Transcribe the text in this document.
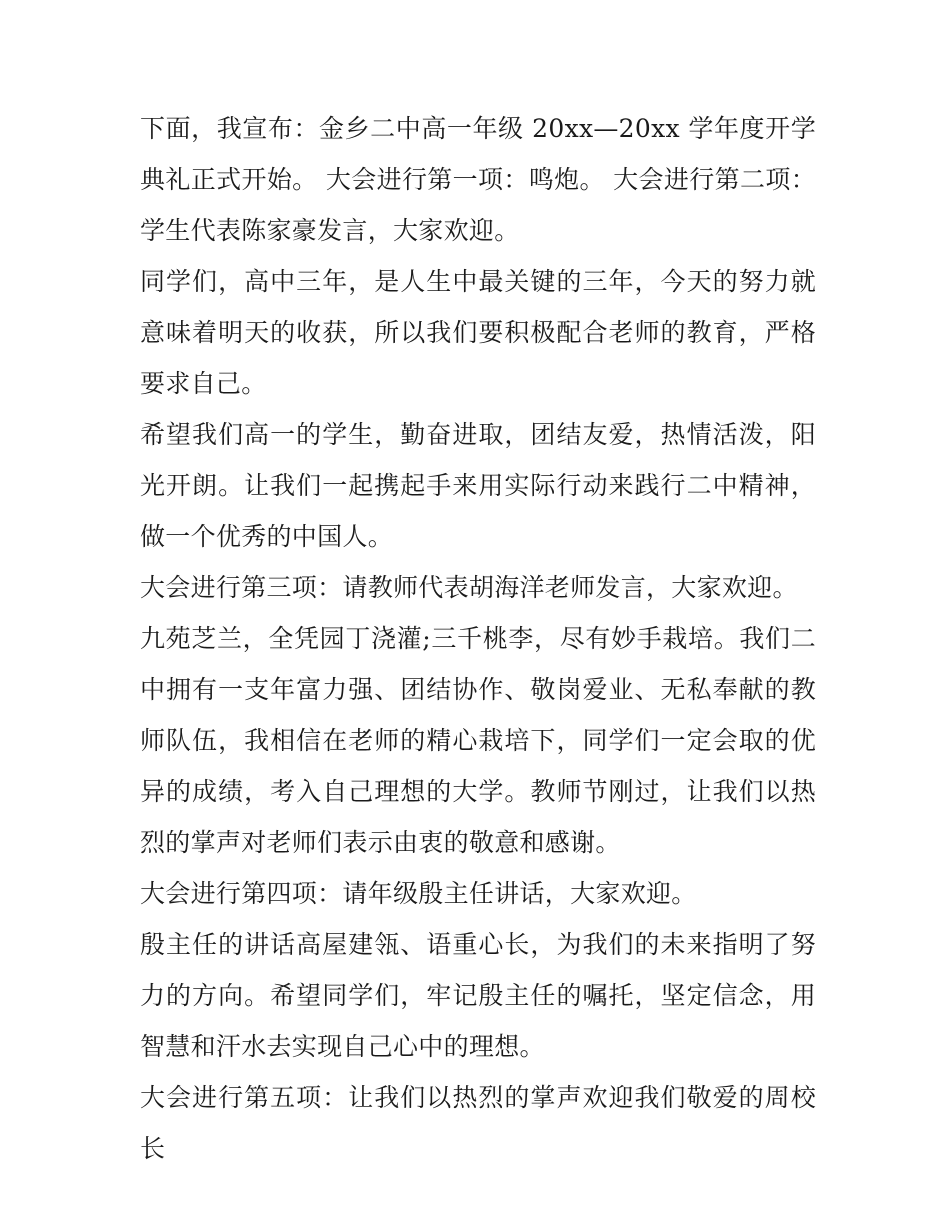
下面，我宣布：金乡二中高一年级 20xx—20xx 学年度开学典礼正式开始。 大会进行第一项：鸣炮。 大会进行第二项：学生代表陈家豪发言，大家欢迎。

同学们，高中三年，是人生中最关键的三年，今天的努力就意味着明天的收获，所以我们要积极配合老师的教育，严格要求自己。

希望我们高一的学生，勤奋进取，团结友爱，热情活泼，阳光开朗。让我们一起携起手来用实际行动来践行二中精神，做一个优秀的中国人。

大会进行第三项：请教师代表胡海洋老师发言，大家欢迎。

九苑芝兰，全凭园丁浇灌;三千桃李，尽有妙手栽培。我们二中拥有一支年富力强、团结协作、敬岗爱业、无私奉献的教师队伍，我相信在老师的精心栽培下，同学们一定会取的优异的成绩，考入自己理想的大学。教师节刚过，让我们以热烈的掌声对老师们表示由衷的敬意和感谢。

大会进行第四项：请年级殷主任讲话，大家欢迎。

殷主任的讲话高屋建瓴、语重心长，为我们的未来指明了努力的方向。希望同学们，牢记殷主任的嘱托，坚定信念，用智慧和汗水去实现自己心中的理想。

大会进行第五项：让我们以热烈的掌声欢迎我们敬爱的周校长
